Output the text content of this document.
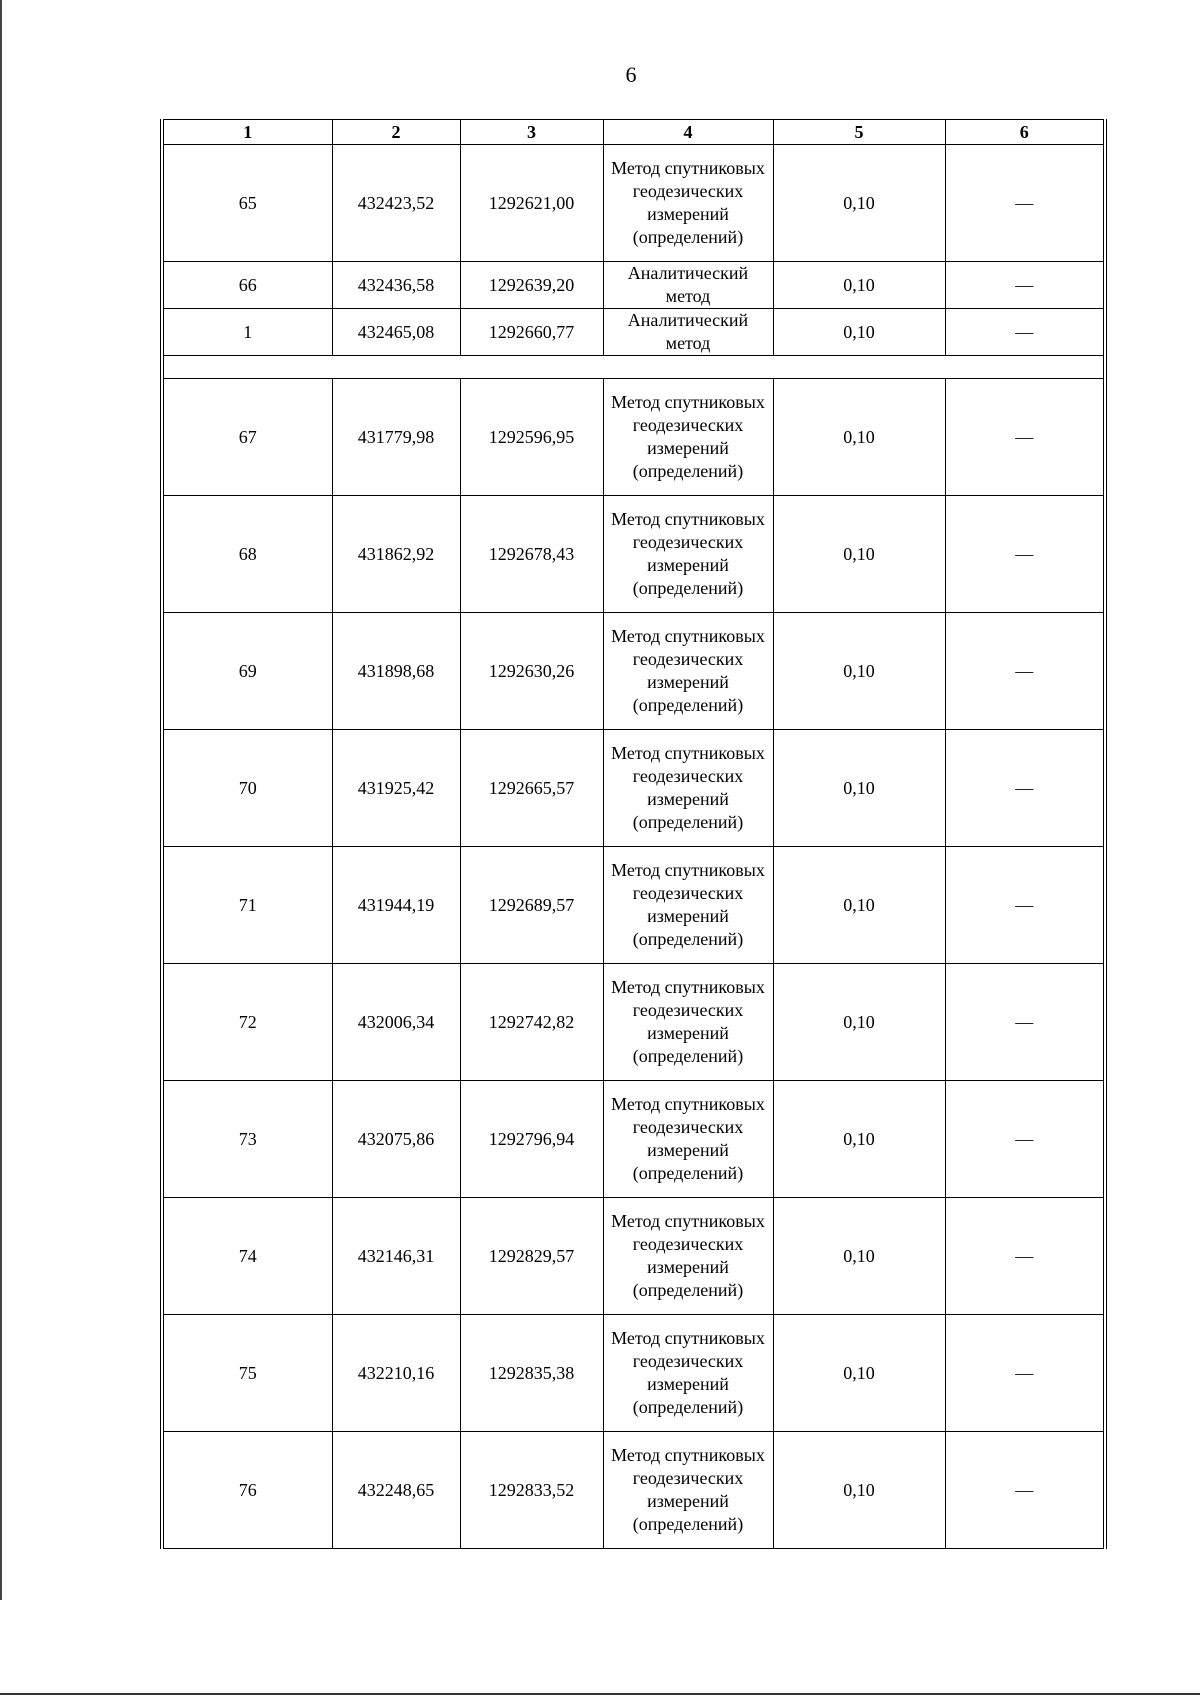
6
1	2	3	4	5	6
65	432423,52	1292621,00	Метод спутниковых геодезических измерений (определений)	0,10	—
66	432436,58	1292639,20	Аналитический метод	0,10	—
1	432465,08	1292660,77	Аналитический метод	0,10	—

67	431779,98	1292596,95	Метод спутниковых геодезических измерений (определений)	0,10	—
68	431862,92	1292678,43	Метод спутниковых геодезических измерений (определений)	0,10	—
69	431898,68	1292630,26	Метод спутниковых геодезических измерений (определений)	0,10	—
70	431925,42	1292665,57	Метод спутниковых геодезических измерений (определений)	0,10	—
71	431944,19	1292689,57	Метод спутниковых геодезических измерений (определений)	0,10	—
72	432006,34	1292742,82	Метод спутниковых геодезических измерений (определений)	0,10	—
73	432075,86	1292796,94	Метод спутниковых геодезических измерений (определений)	0,10	—
74	432146,31	1292829,57	Метод спутниковых геодезических измерений (определений)	0,10	—
75	432210,16	1292835,38	Метод спутниковых геодезических измерений (определений)	0,10	—
76	432248,65	1292833,52	Метод спутниковых геодезических измерений (определений)	0,10	—
